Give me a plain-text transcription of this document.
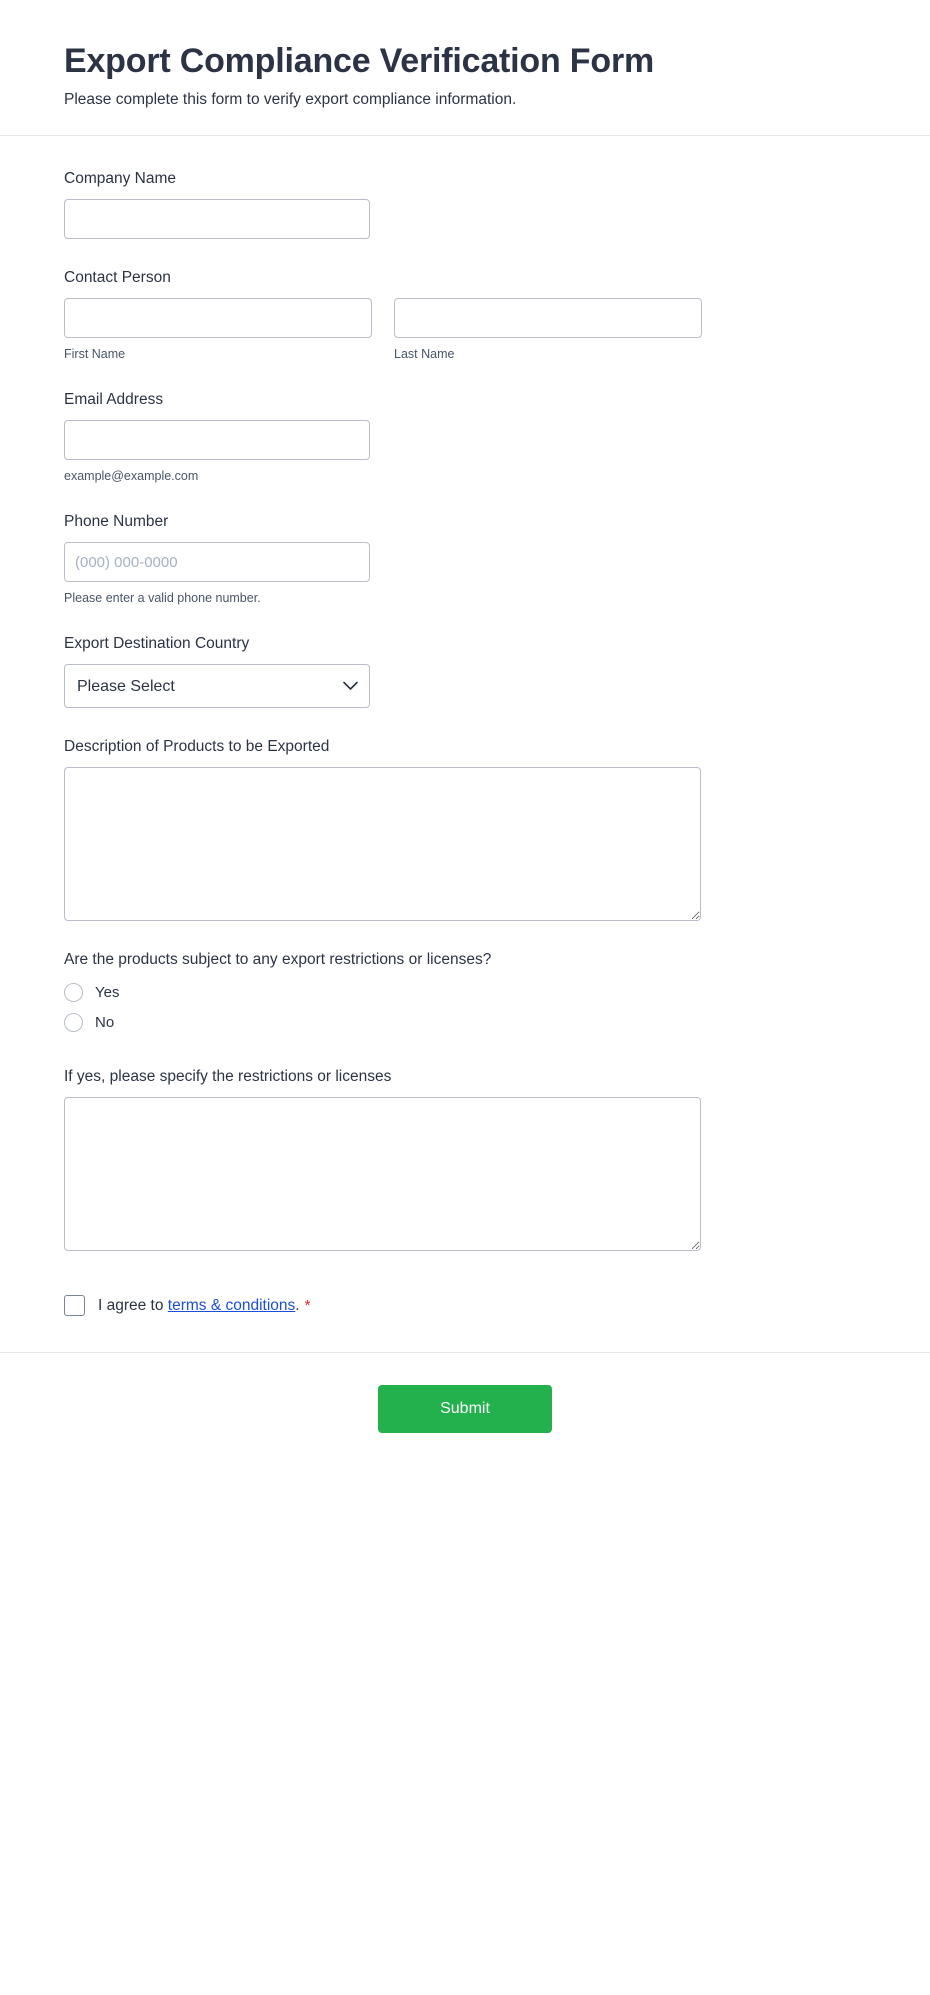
Export Compliance Verification Form

Please complete this form to verify export compliance information.

Company Name
Contact Person
First Name	Last Name
Email Address
example@example.com
Phone Number
(000) 000-0000
Please enter a valid phone number.
Export Destination Country
Please Select
Description of Products to be Exported
Are the products subject to any export restrictions or licenses?
Yes
No
If yes, please specify the restrictions or licenses
I agree to terms & conditions. *
Submit
